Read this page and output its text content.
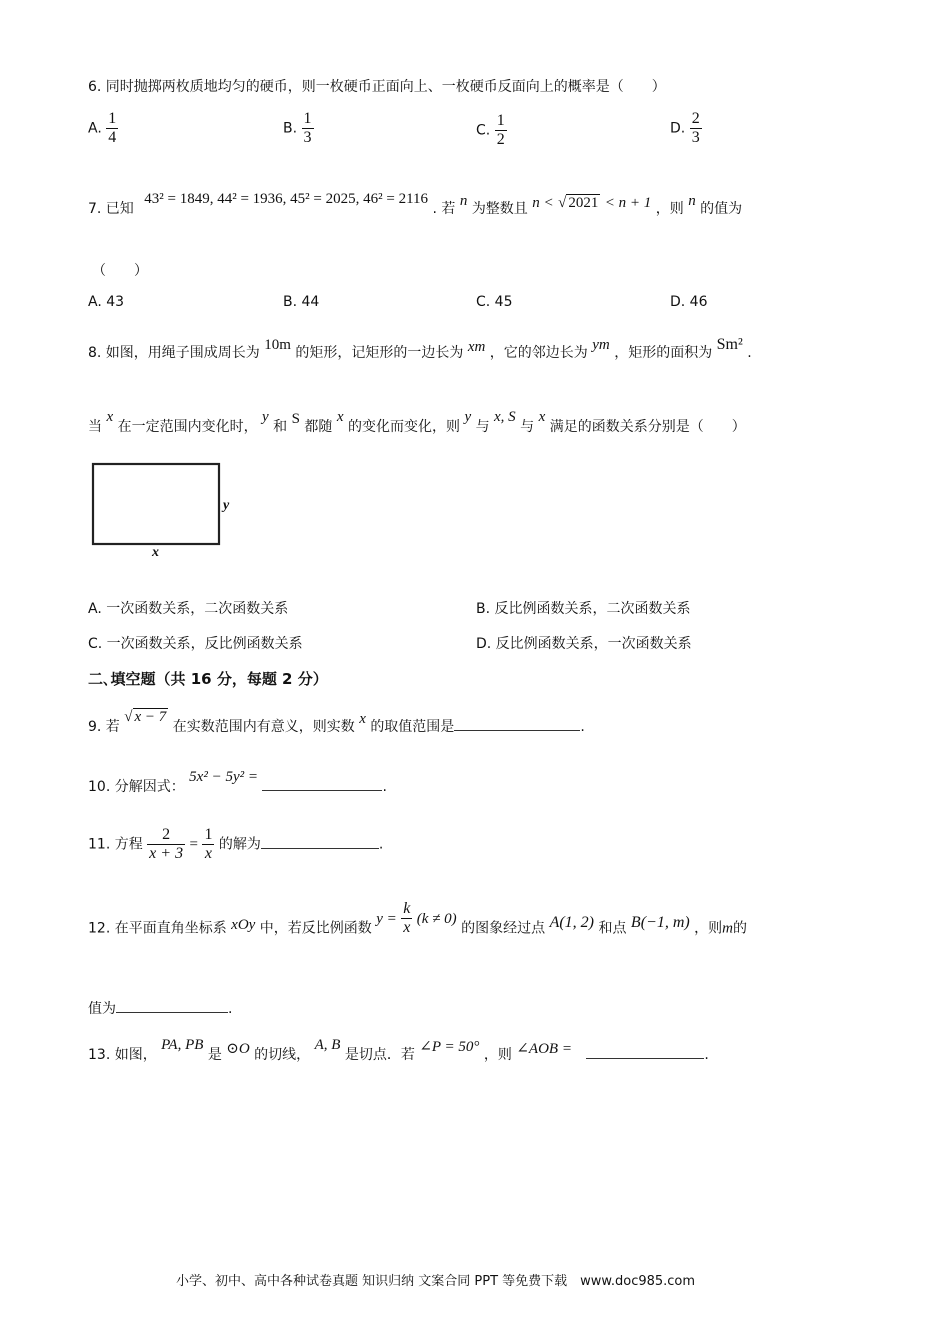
6. 同时抛掷两枚质地均匀的硬币，则一枚硬币正面向上、一枚硬币反面向上的概率是（　　）
A. $\frac{1}{4}$	B. $\frac{1}{3}$	C. $\frac{1}{2}$	D. $\frac{2}{3}$
7. 已知 43² = 1849, 44² = 1936, 45² = 2025, 46² = 2116 . 若 n 为整数且 n < √ 2021 < n + 1 ，则 n 的值为
（　　）
A. 43	B. 44	C. 45	D. 46
8. 如图，用绳子围成周长为 10m 的矩形，记矩形的一边长为 xm ，它的邻边长为 ym ，矩形的面积为 Sm² .
当 x 在一定范围内变化时， y 和 S 都随 x 的变化而变化，则 y 与 x, S 与 x 满足的函数关系分别是（　　）
y
x
A. 一次函数关系，二次函数关系	B. 反比例函数关系，二次函数关系
C. 一次函数关系，反比例函数关系	D. 反比例函数关系，一次函数关系
二､填空题（共 16 分，每题 2 分）
9. 若 √ x − 7 在实数范围内有意义，则实数 x 的取值范围是	.
10. 分解因式： 5x² − 5y² = .
11. 方程 $\frac{2}{x + 3} = \frac{1}{x}$ 的解为	.
12. 在平面直角坐标系 xOy 中，若反比例函数 $y = \frac{k}{x} (k \ne 0)$ 的图象经过点 A(1, 2) 和点 B(−1, m) ，则m的
值为	.
13. 如图， PA, PB 是 ⊙O 的切线， A, B 是切点．若 ∠P = 50° ，则 ∠AOB =	.
小学、初中、高中各种试卷真题 知识归纳 文案合同 PPT 等免费下载　www.doc985.com
